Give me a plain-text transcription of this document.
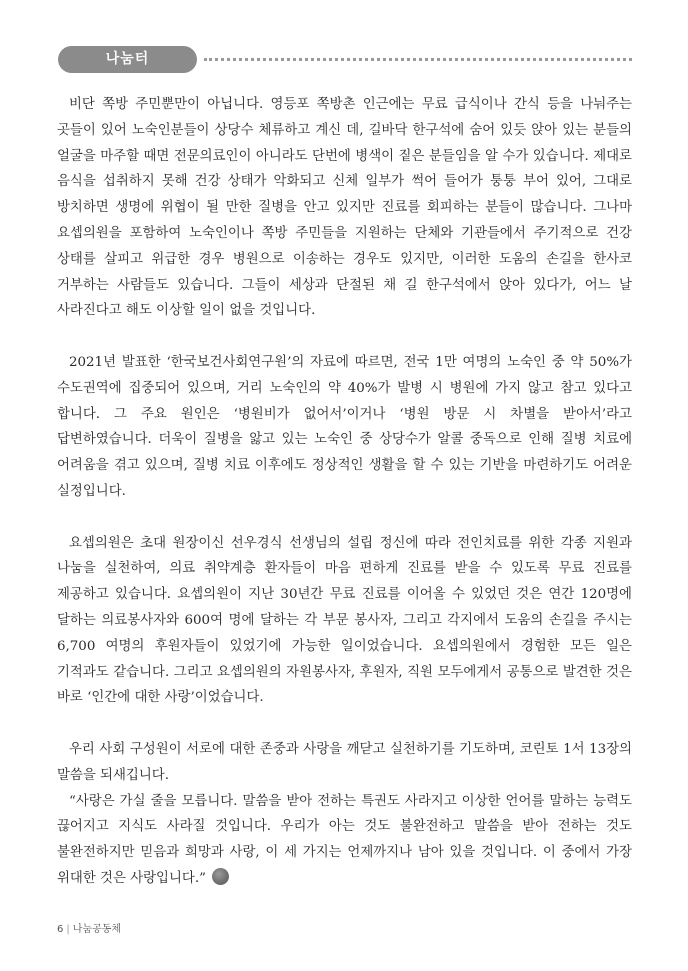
나눔터

비단 쪽방 주민뿐만이 아닙니다. 영등포 쪽방촌 인근에는 무료 급식이나 간식 등을 나눠주는 곳들이 있어 노숙인분들이 상당수 체류하고 계신 데, 길바닥 한구석에 숨어 있듯 앉아 있는 분들의 얼굴을 마주할 때면 전문의료인이 아니라도 단번에 병색이 짙은 분들임을 알 수가 있습니다. 제대로 음식을 섭취하지 못해 건강 상태가 악화되고 신체 일부가 썩어 들어가 퉁퉁 부어 있어, 그대로 방치하면 생명에 위협이 될 만한 질병을 안고 있지만 진료를 회피하는 분들이 많습니다. 그나마 요셉의원을 포함하여 노숙인이나 쪽방 주민들을 지원하는 단체와 기관들에서 주기적으로 건강 상태를 살피고 위급한 경우 병원으로 이송하는 경우도 있지만, 이러한 도움의 손길을 한사코 거부하는 사람들도 있습니다. 그들이 세상과 단절된 채 길 한구석에서 앉아 있다가, 어느 날 사라진다고 해도 이상할 일이 없을 것입니다.

2021년 발표한 ‘한국보건사회연구원’의 자료에 따르면, 전국 1만 여명의 노숙인 중 약 50%가 수도권역에 집중되어 있으며, 거리 노숙인의 약 40%가 발병 시 병원에 가지 않고 참고 있다고 합니다. 그 주요 원인은 ‘병원비가 없어서’이거나 ‘병원 방문 시 차별을 받아서’라고 답변하였습니다. 더욱이 질병을 앓고 있는 노숙인 중 상당수가 알콜 중독으로 인해 질병 치료에 어려움을 겪고 있으며, 질병 치료 이후에도 정상적인 생활을 할 수 있는 기반을 마련하기도 어려운 실정입니다.

요셉의원은 초대 원장이신 선우경식 선생님의 설립 정신에 따라 전인치료를 위한 각종 지원과 나눔을 실천하여, 의료 취약계층 환자들이 마음 편하게 진료를 받을 수 있도록 무료 진료를 제공하고 있습니다. 요셉의원이 지난 30년간 무료 진료를 이어올 수 있었던 것은 연간 120명에 달하는 의료봉사자와 600여 명에 달하는 각 부문 봉사자, 그리고 각지에서 도움의 손길을 주시는 6,700 여명의 후원자들이 있었기에 가능한 일이었습니다. 요셉의원에서 경험한 모든 일은 기적과도 같습니다. 그리고 요셉의원의 자원봉사자, 후원자, 직원 모두에게서 공통으로 발견한 것은 바로 ‘인간에 대한 사랑’이었습니다.

우리 사회 구성원이 서로에 대한 존중과 사랑을 깨닫고 실천하기를 기도하며, 코린토 1서 13장의 말씀을 되새깁니다.

“사랑은 가실 줄을 모릅니다. 말씀을 받아 전하는 특권도 사라지고 이상한 언어를 말하는 능력도 끊어지고 지식도 사라질 것입니다. 우리가 아는 것도 불완전하고 말씀을 받아 전하는 것도 불완전하지만 믿음과 희망과 사랑, 이 세 가지는 언제까지나 남아 있을 것입니다. 이 중에서 가장 위대한 것은 사랑입니다.”

6 | 나눔공동체
